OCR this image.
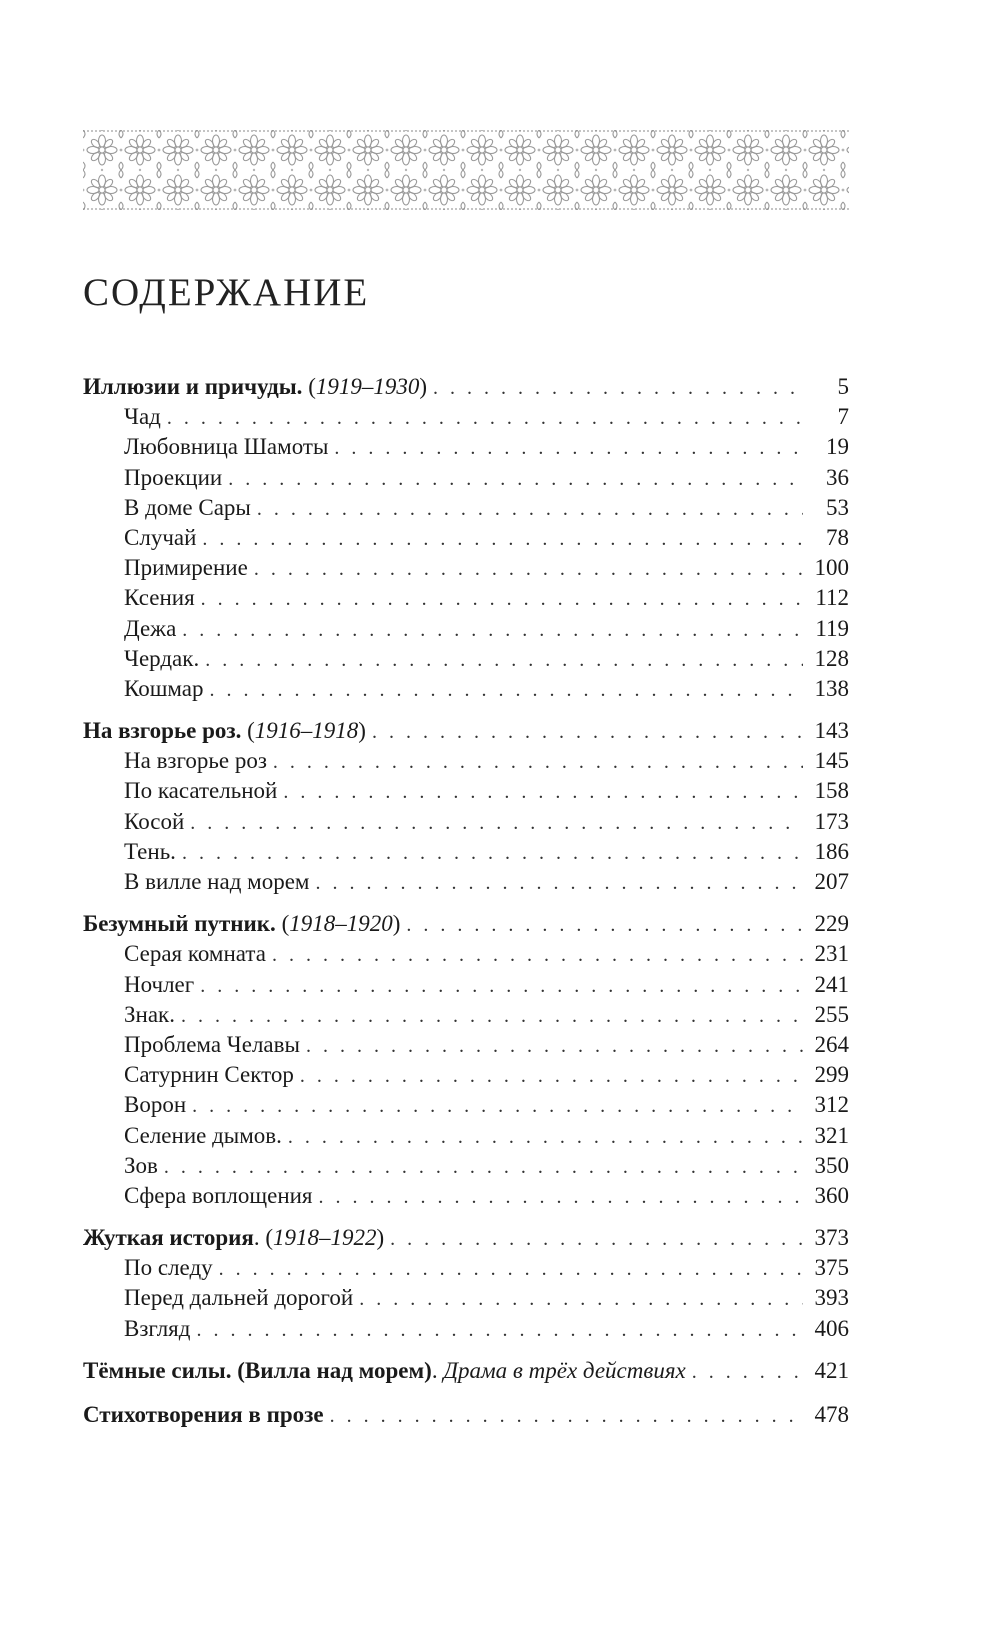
СОДЕРЖАНИЕ
Иллюзии и причуды. (1919–1930) . . .	5
Чад . . .	7
Любовница Шамоты . . .	19
Проекции . . .	36
В доме Сары . . .	53
Случай . . .	78
Примирение . . .	100
Ксения . . .	112
Дежа . . .	119
Чердак. . . .	128
Кошмар . . .	138
На взгорье роз. (1916–1918) . . .	143
На взгорье роз . . .	145
По касательной . . .	158
Косой . . .	173
Тень. . . .	186
В вилле над морем . . .	207
Безумный путник. (1918–1920) . . .	229
Серая комната . . .	231
Ночлег . . .	241
Знак. . . .	255
Проблема Челавы . . .	264
Сатурнин Сектор . . .	299
Ворон . . .	312
Селение дымов. . . .	321
Зов . . .	350
Сфера воплощения . . .	360
Жуткая история. (1918–1922) . . .	373
По следу . . .	375
Перед дальней дорогой . . .	393
Взгляд . . .	406
Тёмные силы. (Вилла над морем). Драма в трёх действиях . . .	421
Стихотворения в прозе . . .	478
